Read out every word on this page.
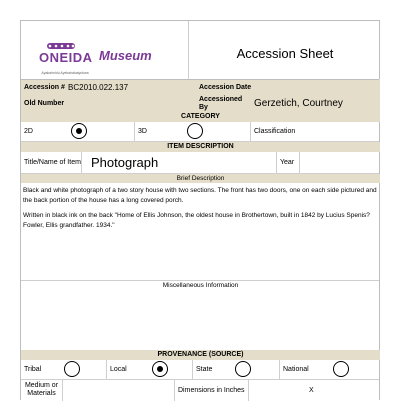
ONEIDA
Ayakahnidú Ayekahakatyukwa
Museum	Accession Sheet
Accession # BC2010.022.137	Accession Date
Old Number
Accessioned By	Gerzetich, Courtney
CATEGORY
2D	3D	Classification
ITEM DESCRIPTION
Title/Name of Item Photograph	Year
Brief Description
Black and white photograph of a two story house with two sections. The front has two doors, one on each side pictured and the back portion of the house has a long covered porch.
Written in black ink on the back "Home of Ellis Johnson, the oldest house in Brothertown, built in 1842 by Lucius Spenis? Fowler, Ellis grandfather. 1934."
Miscellaneous Information
PROVENANCE (SOURCE)
Tribal	Local	State	National
Medium or Materials	Dimensions in Inches	X
